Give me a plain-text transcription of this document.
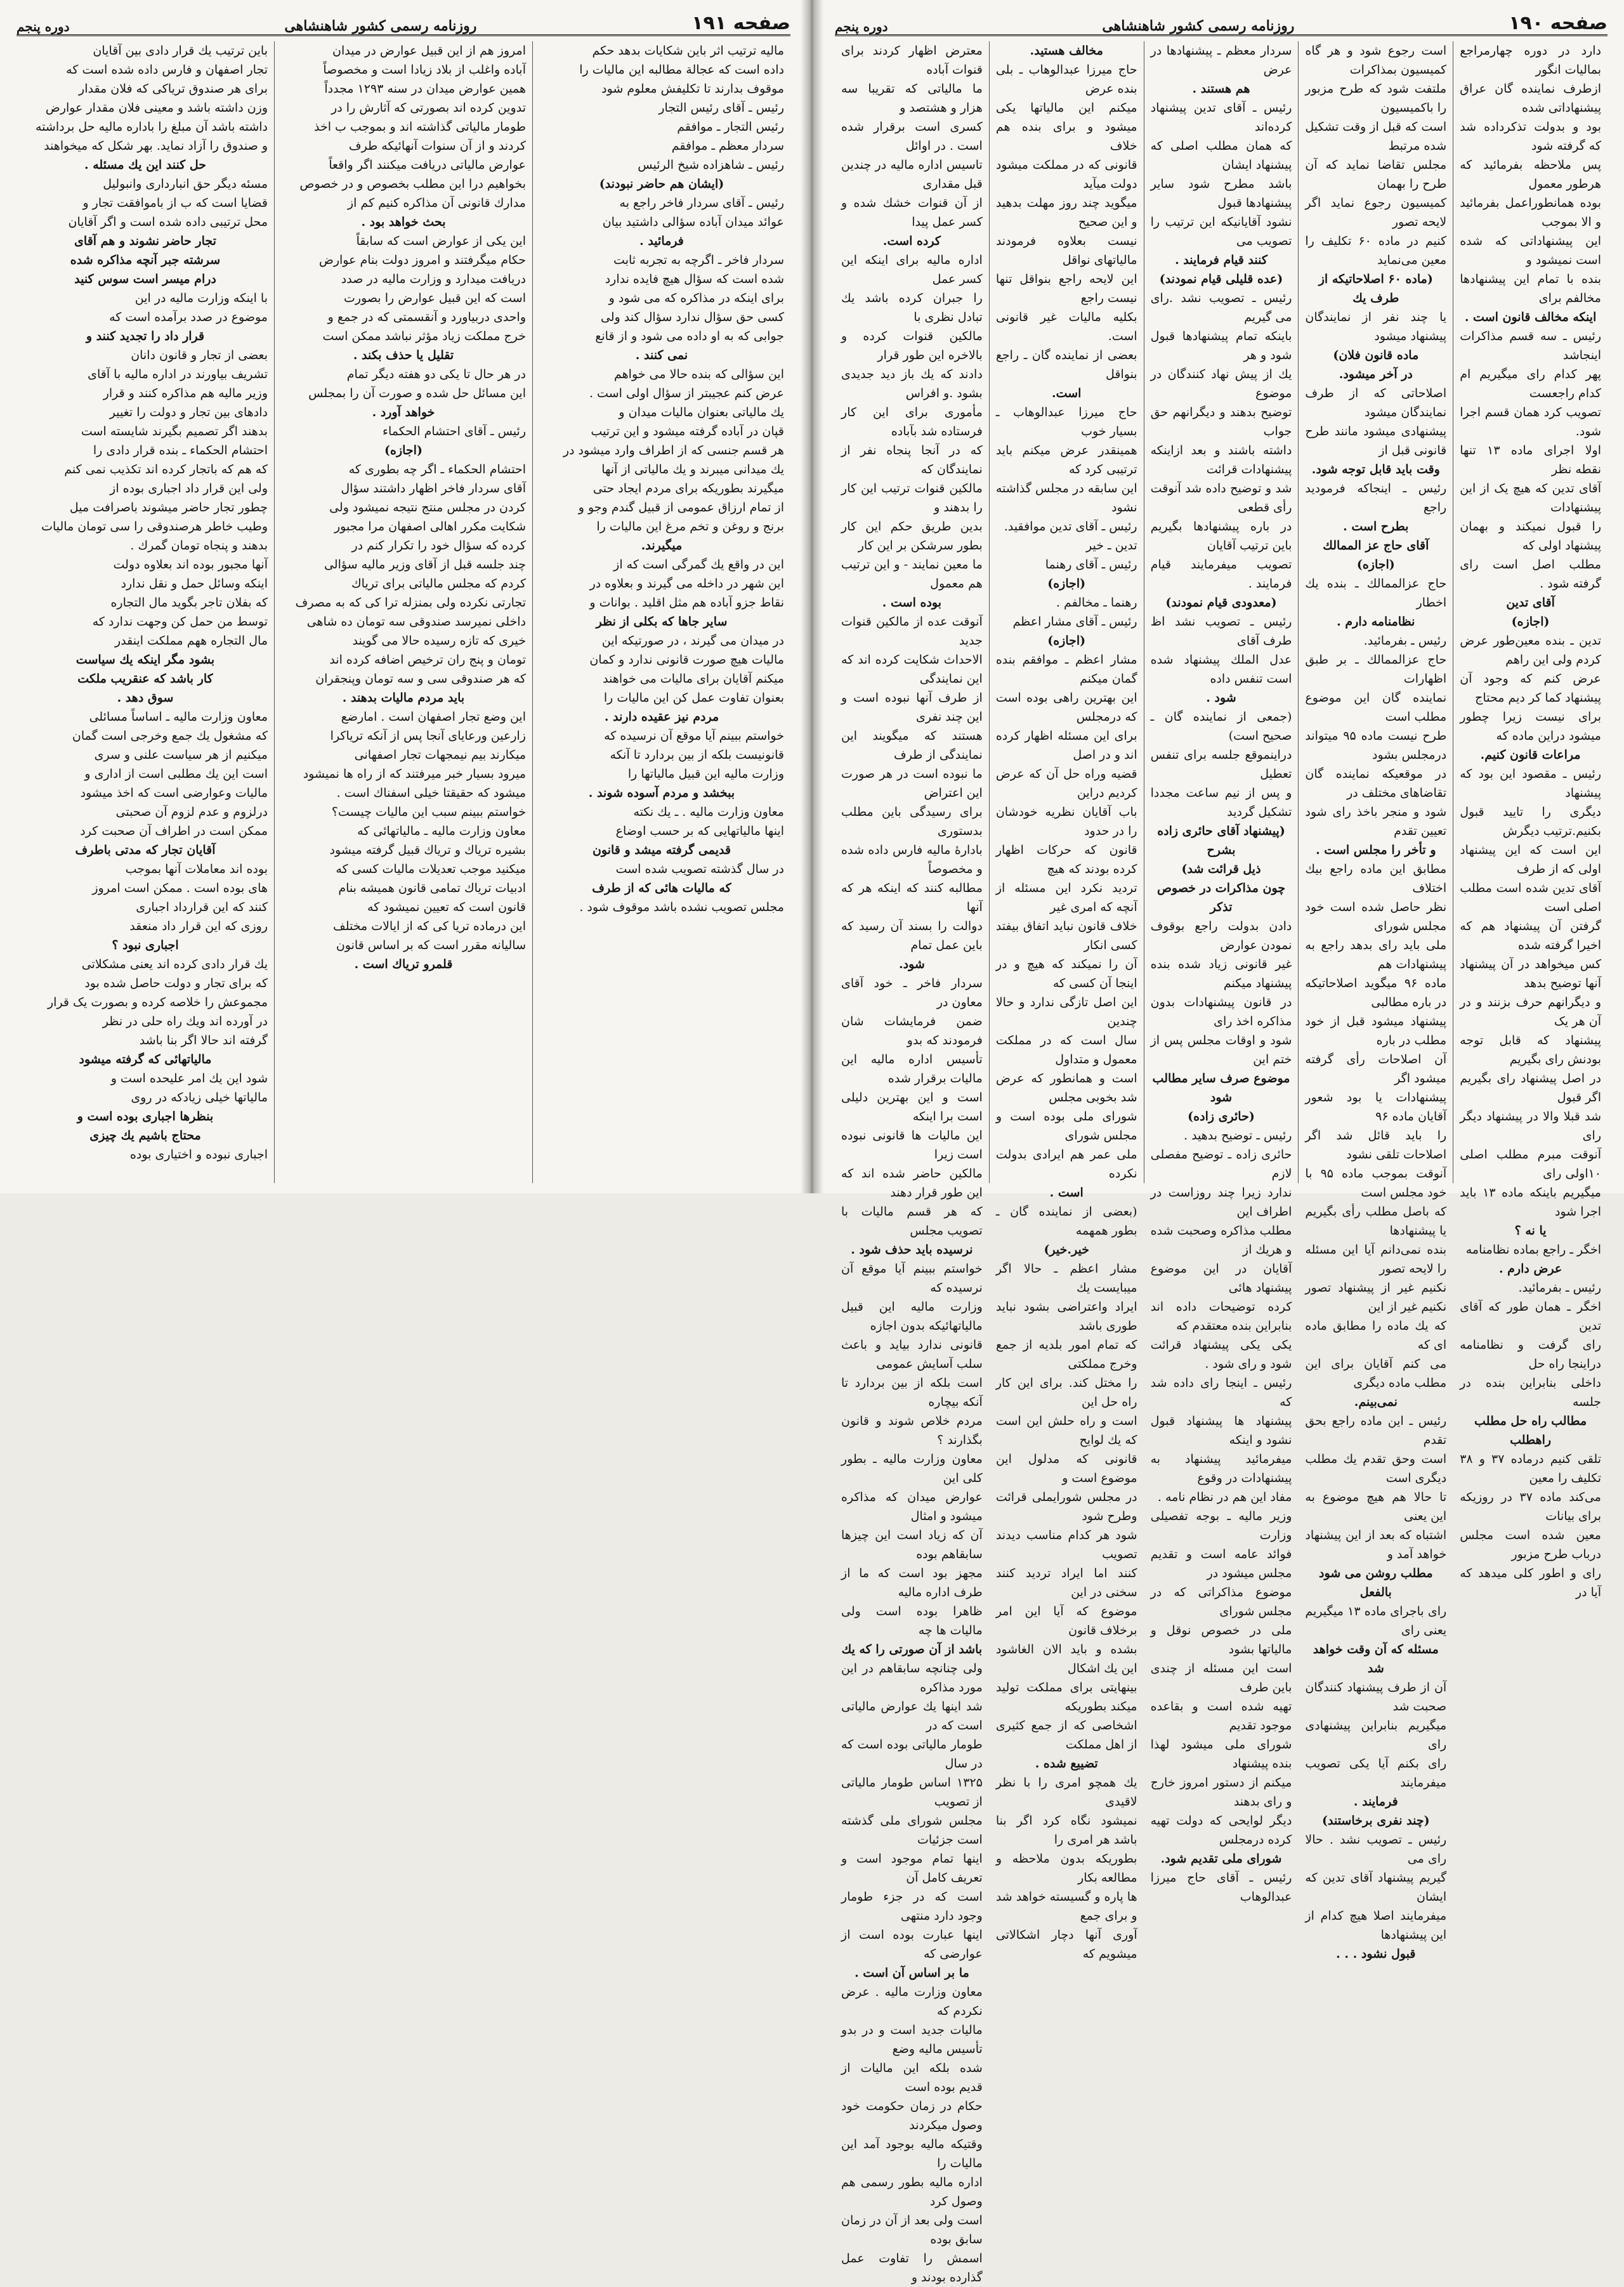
صفحه ۱۹۰
روزنامه رسمی کشور شاهنشاهی
دوره پنجم

دارد در دوره چهارمراجع بمالیات انگور

ازطرف نماینده گان عراق پیشنهاداتی شده

بود و بدولت تذکرداده شد که گرفته شود

پس ملاحظه بفرمائید که هرطور معمول

بوده همانطوراعمل بفرمائید و الا بموجب

این پیشنهاداتی که شده است نمیشود و

بنده با تمام این پیشنهادها مخالفم برای

اینکه مخالف قانون است .

رئیس ـ سه قسم مذاکرات اینجاشد

پهر کدام رای میگیریم ام کدام راجعست

تصویب کرد همان قسم اجرا شود.

اولا اجرای ماده ۱۳ تنها نقطه نظر

آقای تدین که هیچ یک از این پیشنهادات

را قبول نمیکند و بهمان پیشنهاد اولی که

مطلب اصل است رای گرفته شود .

آقای تدین

(اجازه)

تدین ـ بنده معین‌طور عرض کردم ولی این راهم

عرض کنم که وجود آن پیشنهاد کما کر دیم محتاج

برای نیست زیرا چطور میشود دراین ماده که

مراعات قانون کنیم.

رئیس ـ مقصود این بود که پیشنهاد

دیگری را تایید قبول بکنیم.ترتیب دیگرش

این است که این پیشنهاد اولی که از طرف

آقای تدین شده است مطلب اصلی است

گرفتن آن پیشنهاد هم که اخیرا گرفته شده

کس میخواهد در آن پیشنهاد آنها توضیح بدهد

و دیگرانهم حرف بزنند و در آن هر یک

پیشنهاد که قابل توجه بودنش رای بگیریم

در اصل پیشنهاد رای بگیریم اگر قبول

شد قبلا والا در پیشنهاد دیگر رای

آنوقت مبرم مطلب اصلی ۱۰اولی رای

میگیریم باینکه ماده ۱۳ باید اجرا شود

یا نه ؟

اخگر ـ راجع بماده نظامنامه

عرض دارم .

رئیس ـ بفرمائید.

اخگر ـ همان طور که آقای تدین

رای گرفت و نظامنامه دراینجا راه حل

داخلی بنابراین بنده در جلسه

مطالب راه حل مطلب راهطلب

تلقی کنیم درماده ۳۷ و ۳۸ تکلیف را معین

می‌کند ماده ۳۷ در روزیکه برای بیانات

معین شده است مجلس درباب طرح مزبور

رای و اطور کلی میدهد که آیا در

است رجوع شود و هر گاه کمیسیون بمذاکرات

ملتفت شود که طرح مزبور را باکمیسیون

است که قبل از وقت تشکیل شده مرتبط

مجلس تقاضا نماید که آن طرح را بهمان

کمیسیون رجوع نماید اگر لایحه تصور

کنیم در ماده ۶۰ تکلیف را معین می‌نماید

(ماده ۶۰ اصلاحاتیکه از طرف یك

یا چند نفر از نمایندگان پیشنهاد میشود

ماده قانون فلان)

در آخر میشود.

اصلاحاتی که از طرف نمایندگان میشود

پیشنهادی میشود مانند طرح قانونی قبل از

وقت باید قابل توجه شود.

رئیس ـ اینجاکه فرمودید راجع

بطرح است .

آقای حاج عز الممالك

(اجازه)

حاج عزالممالك ـ بنده یك اخطار

نظامنامه دارم .

رئیس ـ بفرمائید.

حاج عزالممالك ـ بر طبق اظهارات

نماینده گان این موضوع مطلب است

طرح نیست ماده ۹۵ میتواند درمجلس بشود

در موقعیکه نماینده گان تقاضاهای مختلف در

شود و منجر باخذ رای شود تعیین تقدم

و تأخر را مجلس است .

مطابق این ماده راجع بیك اختلاف

نظر حاصل شده است خود مجلس شورای

ملی باید رای بدهد راجع به پیشنهادات هم

ماده ۹۶ میگوید اصلاحاتیکه در باره مطالبی

پیشنهاد میشود قبل از خود مطلب در باره

آن اصلاحات رأی گرفته میشود اگر

پیشنهادات یا بود شعور آقایان ماده ۹۶

را باید قائل شد اگر اصلاحات تلقی نشود

آنوقت بموجب ماده ۹۵ با خود مجلس است

که باصل مطلب رأی بگیریم یا پیشنهادها

بنده نمی‌دانم آیا این مسئله را لایحه تصور

نکنیم غیر از پیشنهاد تصور نکنیم غیر از این

که یك ماده را مطابق ماده ای که

می کنم آقایان برای این مطلب ماده دیگری

نمی‌بینم.

رئیس ـ این ماده راجع بحق تقدم

است وحق تقدم یك مطلب دیگری است

تا حالا هم هیچ موضوع به این یعنی

اشتباه که بعد از این پیشنهاد خواهد آمد و

مطلب روشن می شود بالفعل

رای باجرای ماده ۱۳ میگیریم یعنی رای

مسئله که آن وقت خواهد شد

آن از طرف پیشنهاد کنندگان صحبت شد

میگیریم بنابراین پیشنهادی رای

رای بکنم آیا یکی تصویب میفرمایند

فرمایند .

(چند نفری برخاستند)

رئیس ـ تصویب نشد . حالا رای می

گیریم پیشنهاد آقای تدین که ایشان

میفرمایند اصلا هیچ کدام از این پیشنهادها

قبول نشود . . .

سردار معظم ـ پیشنهادها در عرض

هم هستند .

رئیس ـ آقای تدین پیشنهاد کرده‌اند

که همان مطلب اصلی که پیشنهاد ایشان

باشد مطرح شود سایر پیشنهادها قبول

نشود آقایانیکه این ترتیب را تصویب می

کنند قیام فرمایند .

(عده قلیلی قیام نمودند)

رئیس ـ تصویب نشد .رای می گیریم

باینکه تمام پیشنهادها قبول شود و هر

یك از پیش نهاد کنندگان در موضوع

توضیح بدهند و دیگرانهم حق جواب

داشته باشند و بعد ازاینکه پیشنهادات قرائت

شد و توضیح داده شد آنوقت رأی قطعی

در باره پیشنهادها بگیریم باین ترتیب آقایان

تصویب میفرمایند قیام فرمایند .

(معدودی قیام نمودند)

رئیس ـ تصویب نشد اظ طرف آقای

عدل الملك پیشنهاد شده است تنفس داده

شود .

(جمعی از نماینده گان ـ صحیح است)

دراینموقع جلسه برای تنفس تعطیل

و پس از نیم ساعت مجددا تشکیل گردید

(پیشنهاد آقای حائری زاده بشرح

ذیل قرائت شد)

چون مذاکرات در خصوص تذکر

دادن بدولت راجع بوقوف نمودن عوارض

غیر قانونی زیاد شده بنده پیشنهاد میکنم

در قانون پیشنهادات بدون مذاکره اخذ رای

شود و اوقات مجلس پس از ختم این

موضوع صرف سایر مطالب شود

(حائری زاده)

رئیس ـ توضیح بدهید .

حائری زاده ـ توضیح مفصلی لازم

ندارد زیرا چند روزاست در اطراف این

مطلب مذاکره وصحبت شده و هریك از

آقایان در این موضوع پیشنهاد هائی

کرده توضیحات داده اند بنابراین بنده معتقدم که

یکی یکی پیشنهاد قرائت شود و رای شود .

رئیس ـ اینجا رای داده شد که

پیشنهاد ها پیشنهاد قبول نشود و اینکه

میفرمائید پیشنهاد به پیشنهادات در وقوع

مفاد این هم در نظام نامه .

وزیر مالیه ـ بوجه تفصیلی وزارت

فوائد عامه است و تقدیم مجلس میشود در

موضوع مذاکراتی که در مجلس شورای

ملی در خصوص نوقل و مالیاتها بشود

است این مسئله از چندی باین طرف

تهیه شده است و بقاعده موجود تقدیم

شورای ملی میشود لهذا بنده پیشنهاد

میکنم از دستور امروز خارج و رای بدهند

دیگر لوایحی که دولت تهیه کرده درمجلس

شورای ملی تقدیم شود.

رئیس ـ آقای حاج میرزا عبدالوهاب

مخالف هستید.

حاج میرزا عبدالوهاب ـ بلی بنده عرض

میکنم این مالیاتها یکی میشود و برای بنده هم خلاف

قانونی که در مملکت میشود دولت میآید

میگوید چند روز مهلت بدهید و این صحیح

نیست بعلاوه فرمودند مالیاتهای نواقل

این لایحه راجع بنواقل تنها نیست راجع

بکلیه مالیات غیر قانونی است.

بعضی از نماینده گان ـ راجع بنواقل

است.

حاج میرزا عبدالوهاب ـ بسیار خوب

همینقدر عرض میکنم باید ترتیبی کرد که

این سابقه در مجلس گذاشته نشود

رئیس ـ آقای تدین موافقید.

تدین ـ خیر

رئیس ـ آقای رهنما

(اجازه)

رهنما ـ مخالفم .

رئیس ـ آقای مشار اعظم

(اجازه)

مشار اعظم ـ موافقم بنده گمان میکنم

این بهترین راهی بوده است که درمجلس

برای این مسئله اظهار کرده اند و در اصل

قضیه وراه حل آن که عرض کردیم دراین

باب آقایان نظریه خودشان را در حدود

قانون که حرکات اظهار کرده بودند که هیچ

تردید نکرد این مسئله از آنچه که امری غیر

خلاف قانون نباید اتفاق بیفتد کسی انکار

آن را نمیکند که هیچ و در اینجا آن کسی که

این اصل تازگی ندارد و حالا چندین

سال است که در مملکت معمول و متداول

است و همانطور که عرض شد بخوبی مجلس

شورای ملی بوده است و مجلس شورای

ملی عمر هم ایرادی بدولت نکرده

است .

(بعضی از نماینده گان ـ بطور همهمه

خیر.خیر)

مشار اعظم ـ حالا اگر میبایست یك

ایراد واعتراضی بشود نباید طوری باشد

که تمام امور بلدیه از جمع وخرج مملکتی

را مختل کند. برای این کار راه حل این

است و راه حلش این است که یك لوایح

قانونی که مدلول این موضوع است و

در مجلس شورایملی قرائت وطرح شود

شود هر کدام مناسب دیدند تصویب

کنند اما ایراد تردید کنند سخنی در این

موضوع که آیا این امر برخلاف قانون

بشده و باید الان الغاشود این یك اشکال

بینهایتی برای مملکت تولید میکند بطوریکه

اشخاصی که از جمع کثیری از اهل مملکت

تضییع شده .

یك همچو امری را با نظر لاقیدی

نمیشود نگاه کرد اگر بنا باشد هر امری را

بطوریکه بدون ملاحظه و مطالعه بکار

ها پاره و گسیسته خواهد شد و برای جمع

آوری آنها دچار اشکالاتی میشویم که

معترض اظهار کردند برای قنوات آباده

ما مالیاتی که تقریبا سه هزار و هشتصد و

کسری است برقرار شده است . در اوائل

تاسیس اداره مالیه در چندین قبل مقداری

از آن قنوات خشك شده و کسر عمل پیدا

کرده است.

اداره مالیه برای اینکه این کسر عمل

را جبران کرده باشد یك تبادل نظری با

مالکین قنوات کرده و بالاخره این طور قرار

دادند که یك باز دید جدیدی بشود .و افراس

مأموری برای این کار فرستاده شد بآباده

که در آنجا پنجاه نفر از نمایندگان که

مالکین قنوات ترتیب این کار را بدهند و

بدین طریق حکم این کار بطور سرشکن بر این کار

ما معین نمایند - و این ترتیب هم معمول

بوده است .

آنوقت عده از مالکین قنوات جدید

الاحداث شکایت کرده اند که این نمایندگی

از طرف آنها نبوده است و این چند نفری

هستند که میگویند این نمایندگی از طرف

ما نبوده است در هر صورت این اعتراض

برای رسیدگی باین مطلب بدستوری

بادارهٔ مالیه فارس داده شده و مخصوصاً

مطالبه کنند که اینکه هر که آنها

دوالت را بسند آن رسید که باین عمل تمام

شود.

سردار فاخر ـ خود آقای معاون در

ضمن فرمایشات شان فرمودند که بدو

تأسیس اداره مالیه این مالیات برقرار شده

است و این بهترین دلیلی است برا اینکه

این مالیات ها قانونی نبوده است زیرا

مالکین حاضر شده اند که این طور قرار دهند

که هر قسم مالیات با تصویب مجلس

نرسیده باید حذف شود .

خواستم ببینم آیا موقع آن نرسیده که

وزارت مالیه این قبیل مالیاتهائیکه بدون اجازه

قانونی ندارد بیاید و باعث سلب آسایش عمومی

است بلکه از بین بردارد تا آنکه بیچاره

مردم خلاص شوند و قانون بگذارند ؟

معاون وزارت مالیه ـ بطور کلی این

عوارض میدان که مذاکره میشود و امثال

آن که زیاد است این چیزها سابقاهم بوده

مجهز بود است که ما از طرف اداره مالیه

ظاهرا بوده است ولی مالیات ها چه

باشد از آن صورتی را که یك

ولی چنانچه سابقاهم در این مورد مذاکره

شد اینها یك عوارض مالیاتی است که در

طومار مالیاتی بوده است که در سال

۱۳۲۵ اساس طومار مالیاتی از تصویب

مجلس شورای ملی گذشته است جزئیات

اینها تمام موجود است و تعریف کامل آن

است که در جزء طومار وجود دارد منتهی

اینها عبارت بوده است از عوارضی که

ما بر اساس آن است .

معاون وزارت مالیه . عرض نکردم که

مالیات جدید است و در بدو تأسیس مالیه وضع

شده بلکه این مالیات از قدیم بوده است

حکام در زمان حکومت خود وصول میکردند

وقتیکه مالیه بوجود آمد این مالیات را

اداره مالیه بطور رسمی هم وصول کرد

است ولی بعد از آن در زمان سابق بوده

اسمش را تفاوت عمل گذارده بودند و

صفحه ۱۹۱
روزنامه رسمی کشور شاهنشاهی
دوره پنجم

مالیه ترتیب اثر باین شکایات بدهد حکم

داده است که عجالة مطالبه این مالیات را

موقوف بدارند تا تکلیفش معلوم شود

رئیس ـ آقای رئیس التجار

رئیس التجار ـ موافقم

سردار معظم ـ موافقم

رئیس ـ شاهزاده شیخ الرئیس

(ایشان هم حاضر نبودند)

رئیس ـ آقای سردار فاخر راجع به

عوائد میدان آباده سؤالی داشتید بیان

فرمائید .

سردار فاخر ـ اگرچه به تجربه ثابت

شده است که سؤال هیچ فایده ندارد

برای اینکه در مذاکره که می شود و

کسی حق سؤال ندارد سؤال کند ولی

جوابی که به او داده می شود و از قانع

نمی کنند .

این سؤالی که بنده حالا می خواهم

عرض کنم عجیبتر از سؤال اولی است .

یك مالیاتی بعنوان مالیات میدان و

قپان در آباده گرفته میشود و این ترتیب

هر قسم جنسی که از اطراف وارد میشود در

یك میدانی میبرند و یك مالیاتی از آنها

میگیرند بطوریکه برای مردم ایجاد حتی

از تمام ارزاق عمومی از قبیل گندم وجو و

برنج و روغن و تخم مرغ این مالیات را

میگیرند.

این در واقع یك گمرگی است که از

این شهر در داخله می گیرند و بعلاوه در

نقاط جزو آباده هم مثل اقلید . بوانات و

سایر جاها که بکلی از نظر

در میدان می گیرند ، در صورتیکه این

مالیات هیچ صورت قانونی ندارد و کمان

میکنم آقایان برای مالیات می خواهند

بعنوان تفاوت عمل کن این مالیات را

مردم نیز عقیده دارند .

خواستم ببینم آیا موقع آن نرسیده که

قانونیست بلکه از بین بردارد تا آنکه

وزارت مالیه این قبیل مالیاتها را

ببخشد و مردم آسوده شوند .

معاون وزارت مالیه . ـ یك نکته

اینها مالیاتهایی که بر حسب اوضاع

قدیمی گرفته میشد و قانون

در سال گذشته تصویب شده است

که مالیات هائی که از طرف

مجلس تصویب نشده باشد موقوف شود .

امروز هم از این قبیل عوارض در میدان

آباده واغلب از بلاد زیادا است و مخصوصاً

همین عوارض میدان در سنه ۱۲۹۳ مجدداً

تدوین کرده اند بصورتی که آثارش را در

طومار مالیاتی گذاشته اند و بموجب ب اخذ

کردند و از آن سنوات آنهائیکه طرف

عوارض مالیاتی دریافت میکنند اگر واقعاً

بخواهیم درا این مطلب بخصوص و در خصوص

مدارك قانونی آن مذاکره کنیم کم از

بحث خواهد بود .

این یکی از عوارض است که سابقاً

حکام میگرفتند و امروز دولت بنام عوارض

دریافت میدارد و وزارت مالیه در صدد

است که این قبیل عوارض را بصورت

واحدی دربیاورد و آنقسمتی که در جمع و

خرج مملکت زیاد مؤثر نباشد ممکن است

تقلیل یا حذف بکند .

در هر حال تا یکی دو هفته دیگر تمام

این مسائل حل شده و صورت آن را بمجلس

خواهد آورد .

رئیس ـ آقای احتشام الحکماء

(اجازه)

احتشام الحکماء ـ اگر چه بطوری که

آقای سردار فاخر اظهار داشتند سؤال

کردن در مجلس منتج نتیجه نمیشود ولی

شکایت مکرر اهالی اصفهان مرا مجبور

کرده که سؤال خود را تکرار کنم در

چند جلسه قبل از آقای وزیر مالیه سؤالی

کردم که مجلس مالیاتی برای تریاك

تجارتی نکرده ولی بمنزله ترا کی که به مصرف

داخلی نمیرسد صندوقی سه تومان ده شاهی

خیری که تازه رسیده حالا می گویند

تومان و پنج ران ترخیص اضافه کرده اند

که هر صندوقی سی و سه تومان وپنجقران

باید مردم مالیات بدهند .

این وضع تجار اصفهان است . امارضع

زارعین ورعایای آنجا پس از آنکه تریاکرا

میکارند بیم نیمجهات تجار اصفهانی

میرود بسیار خبر میرفتند که از راه ها نمیشود

میشود که حقیقتا خیلی اسفناك است .

خواستم ببینم سبب این مالیات چیست؟

معاون وزارت مالیه ـ مالیاتهائی که

بشیره تریاك و تریاك قبیل گرفته میشود

میکنید موجب تعدیلات مالیات کسی که

ادبیات تریاك تمامی قانون همیشه بنام

قانون است که تعیین نمیشود که

این درماده تریا کی که از ایالات مختلف

سالیانه مقرر است که بر اساس قانون

قلمرو تریاك است .

باین ترتیب يك قرار دادی بین آقایان

تجار اصفهان و فارس داده شده است که

برای هر صندوق ترياکی که فلان مقدار

وزن داشته باشد و معینی فلان مقدار عوارض

داشته باشد آن مبلغ را باداره مالیه حل برداشته

و صندوق را آزاد نماید. بهر شکل که میخواهند

حل کنند این یك مسئله .

مسئه دیگر حق انبارداری وانبولیل

قضایا است که ب از باموافقت تجار و

محل ترتیبی داده شده است و اگر آقایان

تجار حاضر نشوند و هم آقای

سرشته جبر آنچه مذاکره شده

درام میسر است سوس کنید

با اینکه وزارت مالیه در این

موضوع در صدد برآمده است که

قرار داد را تجدید کنند و

بعضی از تجار و قانون دانان

تشریف بیاورند در اداره مالیه با آقای

وزیر مالیه هم مذاکره کنند و قرار

دادهای بین تجار و دولت را تغییر

بدهند اگر تصمیم بگیرند شایسته است

احتشام الحکماء ـ بنده قرار دادی را

که هم که باتجار کرده اند تکذیب نمی کنم

ولی این قرار داد اجباری بوده از

چطور تجار حاضر میشوند باصرافت میل

وطیب خاطر هرصندوقی را سی تومان مالیات

بدهند و پنجاه تومان گمرك .

آنها مجبور بوده اند بعلاوه دولت

اینکه وسائل حمل و نقل ندارد

که بفلان تاجر بگوید مال التجاره

توسط من حمل کن وجهت ندارد که

مال التجاره ههم مملکت اینقدر

بشود مگر اینکه یك سیاست

کار باشد که عنقریب ملکت

سوق دهد .

معاون وزارت مالیه ـ اساساً مسائلی

که مشغول یك جمع وخرجی است گمان

میکنیم از هر سیاست علنی و سری

است این یك مطلبی است از اداری و

مالیات وعوارضی است که اخذ میشود

درلزوم و عدم لزوم آن صحبتی

ممکن است در اطراف آن صحبت کرد

آقایان تجار که مدتی باطرف

بوده اند معاملات آنها بموجب

های بوده است . ممکن است امروز

کنند که این قرارداد اجباری

روزی که این قرار داد منعقد

اجباری نبود ؟

يك قرار دادی کرده اند یعنی مشکلاتی

که برای تجار و دولت حاصل شده بود

مجموعش را خلاصه کرده و بصورت یک قرار

در آورده اند ویك راه حلی در نظر

گرفته اند حالا اگر بنا باشد

مالیاتهائی که گرفته میشود

شود این يك امر علیحده است و

مالیاتها خیلی زیادکه در روی

بنظرها اجباری بوده است و

محتاج باشیم يك چیزی

اجباری نبوده و اختیاری بوده
